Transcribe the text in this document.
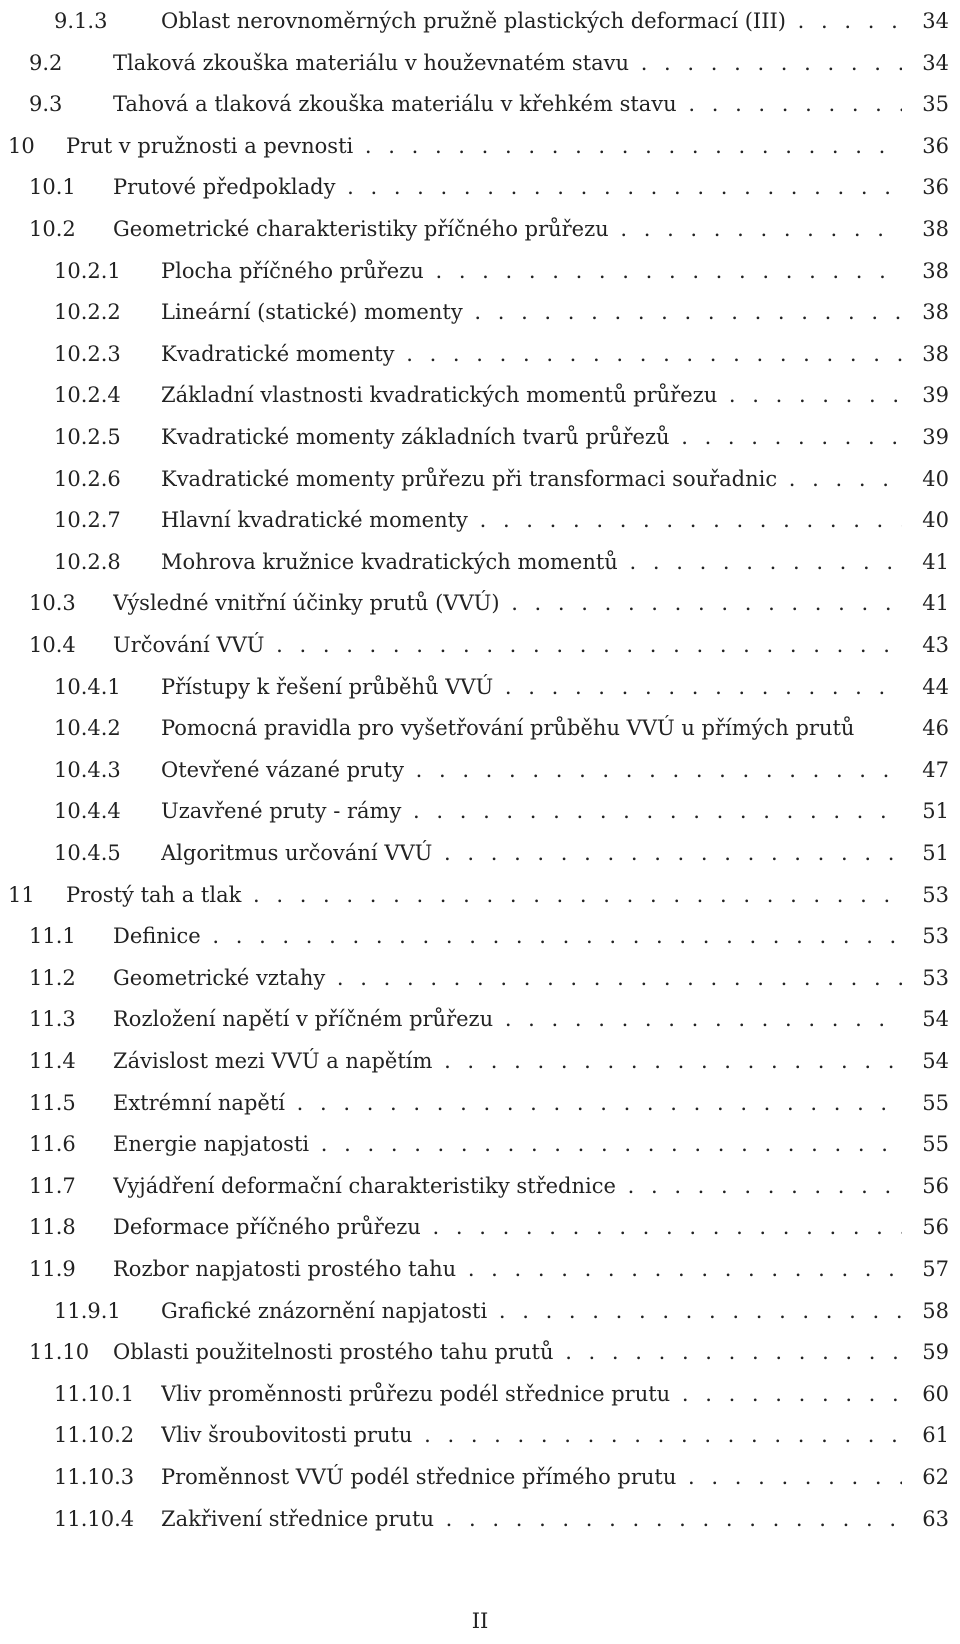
9.1.3	Oblast nerovnoměrných pružně plastických deformací (III) . . .	34
9.2 Tlaková zkouška materiálu v houževnatém stavu . . .	34
9.3 Tahová a tlaková zkouška materiálu v křehkém stavu . . .	35
10 Prut v pružnosti a pevnosti . . .	36
10.1 Prutové předpoklady . . .	36
10.2 Geometrické charakteristiky příčného průřezu . . .	38
10.2.1 Plocha příčného průřezu . . .	38
10.2.2 Lineární (statické) momenty . . .	38
10.2.3 Kvadratické momenty . . .	38
10.2.4 Základní vlastnosti kvadratických momentů průřezu . . .	39
10.2.5 Kvadratické momenty základních tvarů průřezů . . .	39
10.2.6 Kvadratické momenty průřezu při transformaci souřadnic . . .	40
10.2.7 Hlavní kvadratické momenty . . .	40
10.2.8 Mohrova kružnice kvadratických momentů . . .	41
10.3 Výsledné vnitřní účinky prutů (VVÚ) . . .	41
10.4 Určování VVÚ . . .	43
10.4.1 Přístupy k řešení průběhů VVÚ . . .	44
10.4.2 Pomocná pravidla pro vyšetřování průběhu VVÚ u přímých prutů	46
10.4.3 Otevřené vázané pruty . . .	47
10.4.4 Uzavřené pruty - rámy . . .	51
10.4.5 Algoritmus určování VVÚ . . .	51
11 Prostý tah a tlak . . .	53
11.1 Definice . . .	53
11.2 Geometrické vztahy . . .	53
11.3 Rozložení napětí v příčném průřezu . . .	54
11.4 Závislost mezi VVÚ a napětím . . .	54
11.5 Extrémní napětí . . .	55
11.6 Energie napjatosti . . .	55
11.7 Vyjádření deformační charakteristiky střednice . . .	56
11.8 Deformace příčného průřezu . . .	56
11.9 Rozbor napjatosti prostého tahu . . .	57
11.9.1 Grafické znázornění napjatosti . . .	58
11.10 Oblasti použitelnosti prostého tahu prutů . . .	59
11.10.1 Vliv proměnnosti průřezu podél střednice prutu . . .	60
11.10.2 Vliv šroubovitosti prutu . . .	61
11.10.3 Proměnnost VVÚ podél střednice přímého prutu . . .	62
11.10.4 Zakřivení střednice prutu . . .	63
II
